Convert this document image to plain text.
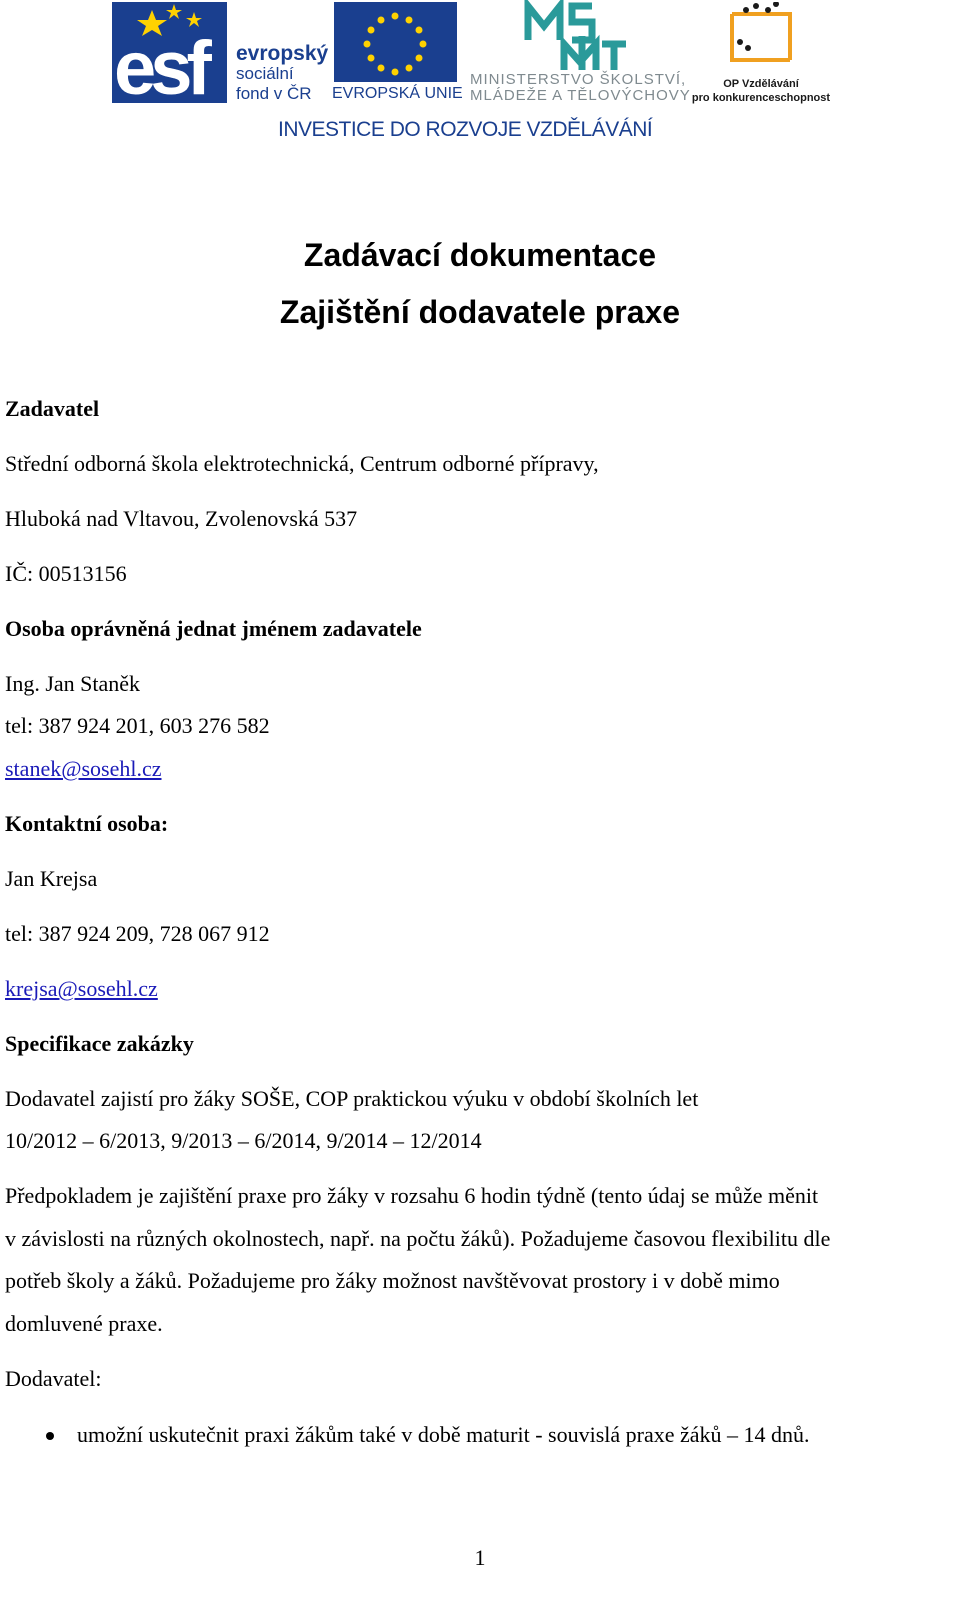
esf evropský
sociální
fond v ČR	EVROPSKÁ UNIE
MINISTERSTVO ŠKOLSTVÍ,
MLÁDEŽE A TĚLOVÝCHOVY
OP Vzdělávání
pro konkurenceschopnost
INVESTICE DO ROZVOJE VZDĚLÁVÁNÍ
Zadávací dokumentace
Zajištění dodavatele praxe
Zadavatel
Střední odborná škola elektrotechnická, Centrum odborné přípravy,
Hluboká nad Vltavou, Zvolenovská 537
IČ: 00513156
Osoba oprávněná jednat jménem zadavatele
Ing. Jan Staněk
tel: 387 924 201, 603 276 582
stanek@sosehl.cz
Kontaktní osoba:
Jan Krejsa
tel: 387 924 209, 728 067 912
krejsa@sosehl.cz
Specifikace zakázky
Dodavatel zajistí pro žáky SOŠE, COP praktickou výuku v období školních let
10/2012 – 6/2013, 9/2013 – 6/2014, 9/2014 – 12/2014
Předpokladem je zajištění praxe pro žáky v rozsahu 6 hodin týdně (tento údaj se může měnit
v závislosti na různých okolnostech, např. na počtu žáků). Požadujeme časovou flexibilitu dle
potřeb školy a žáků. Požadujeme pro žáky možnost navštěvovat prostory i v době mimo
domluvené praxe.
Dodavatel:
umožní uskutečnit praxi žákům také v době maturit - souvislá praxe žáků – 14 dnů.
1
